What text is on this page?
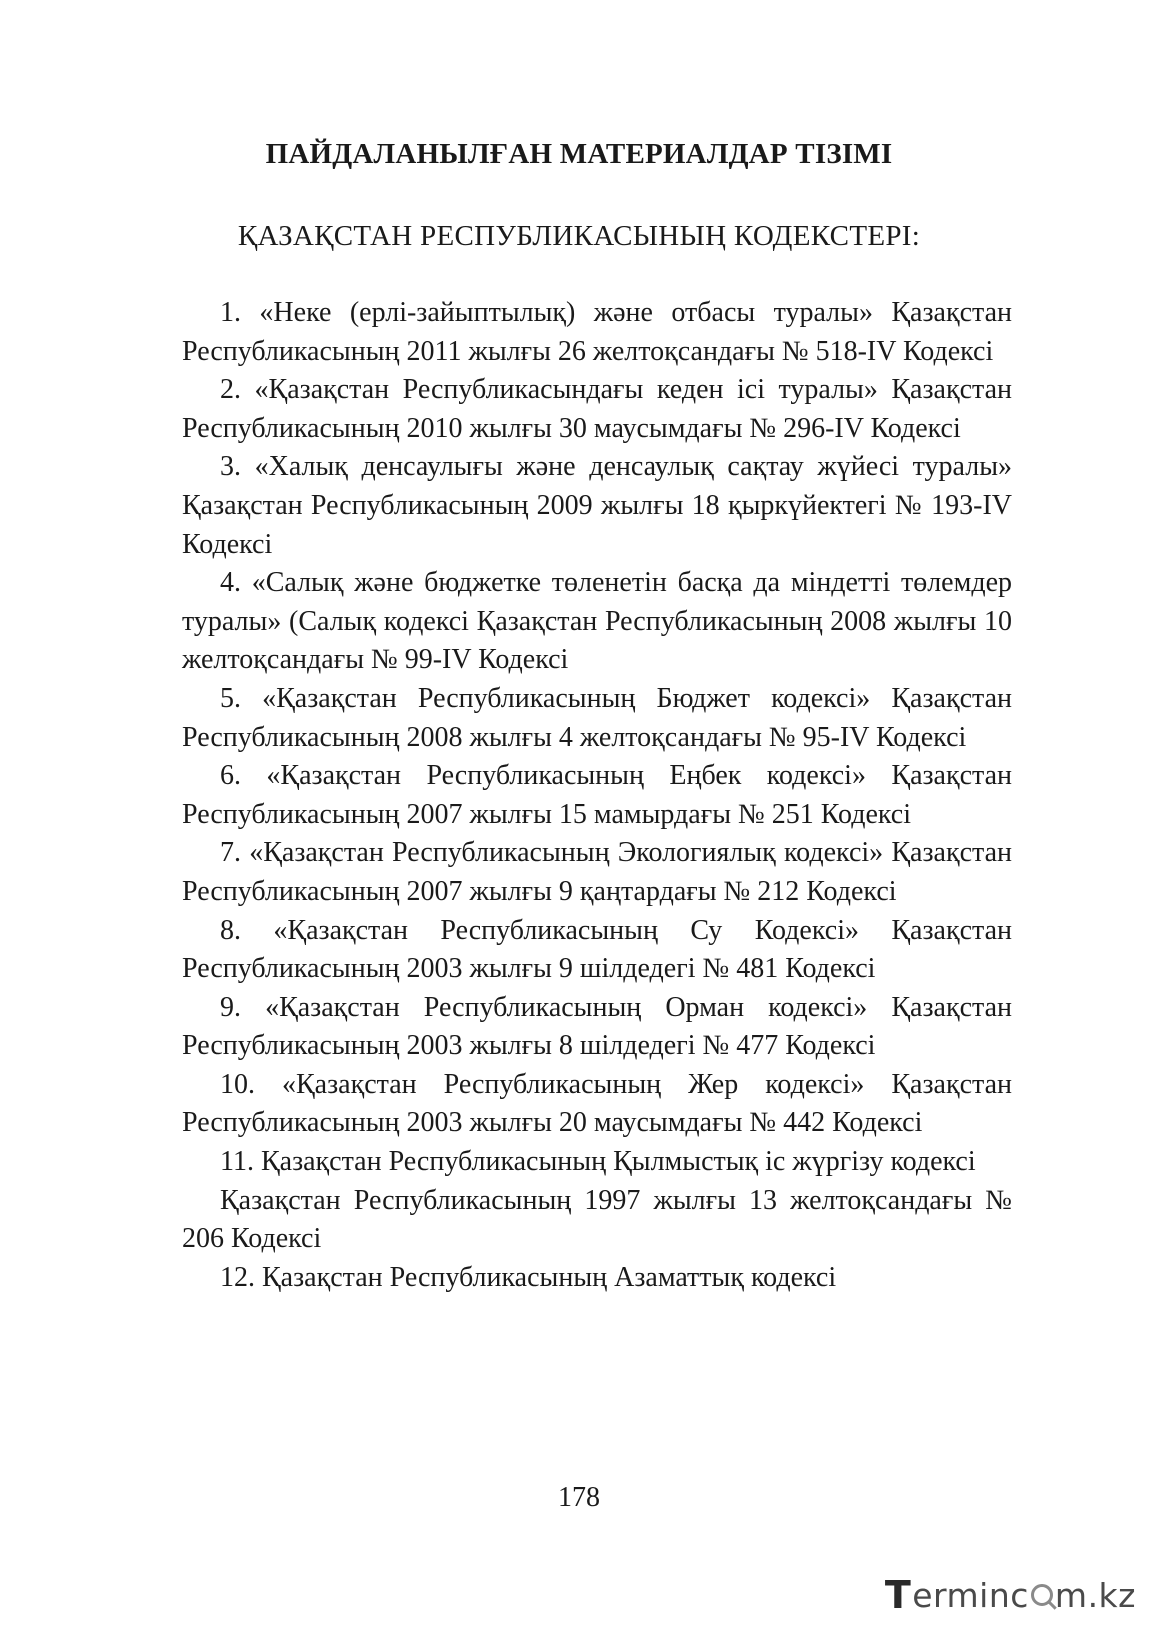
ПАЙДАЛАНЫЛҒАН МАТЕРИАЛДАР ТІЗІМІ
ҚАЗАҚСТАН РЕСПУБЛИКАСЫНЫҢ КОДЕКСТЕРІ:

1. «Неке (ерлі-зайыптылық) және отбасы туралы» Қазақстан Республикасының 2011 жылғы 26 желтоқсандағы № 518-IV Кодексі

2. «Қазақстан Республикасындағы кеден ісі туралы» Қазақстан Республикасының 2010 жылғы 30 маусымдағы № 296-IV Кодексі

3. «Халық денсаулығы және денсаулық сақтау жүйесі туралы» Қазақстан Республикасының 2009 жылғы 18 қыркүйектегі № 193-IV Кодексі

4. «Салық және бюджетке төленетін басқа да міндетті төлемдер туралы» (Салық кодексі Қазақстан Республикасының 2008 жылғы 10 желтоқсандағы № 99-IV Кодексі

5. «Қазақстан Республикасының Бюджет кодексі» Қазақстан Республикасының 2008 жылғы 4 желтоқсандағы № 95-IV Кодексі

6. «Қазақстан Республикасының Еңбек кодексі» Қазақстан Республикасының 2007 жылғы 15 мамырдағы № 251 Кодексі

7. «Қазақстан Республикасының Экологиялық кодексі» Қазақстан Республикасының 2007 жылғы 9 қаңтардағы № 212 Кодексі

8. «Қазақстан Республикасының Су Кодексі» Қазақстан Республикасының 2003 жылғы 9 шілдедегі № 481 Кодексі

9. «Қазақстан Республикасының Орман кодексі» Қазақстан Республикасының 2003 жылғы 8 шілдедегі № 477 Кодексі

10. «Қазақстан Республикасының Жер кодексі» Қазақстан Республикасының 2003 жылғы 20 маусымдағы № 442 Кодексі

11. Қазақстан Республикасының Қылмыстық іс жүргізу кодексі

Қазақстан Республикасының 1997 жылғы 13 желтоқсандағы № 206 Кодексі

12. Қазақстан Республикасының Азаматтық кодексі

178
T erminc m.kz
